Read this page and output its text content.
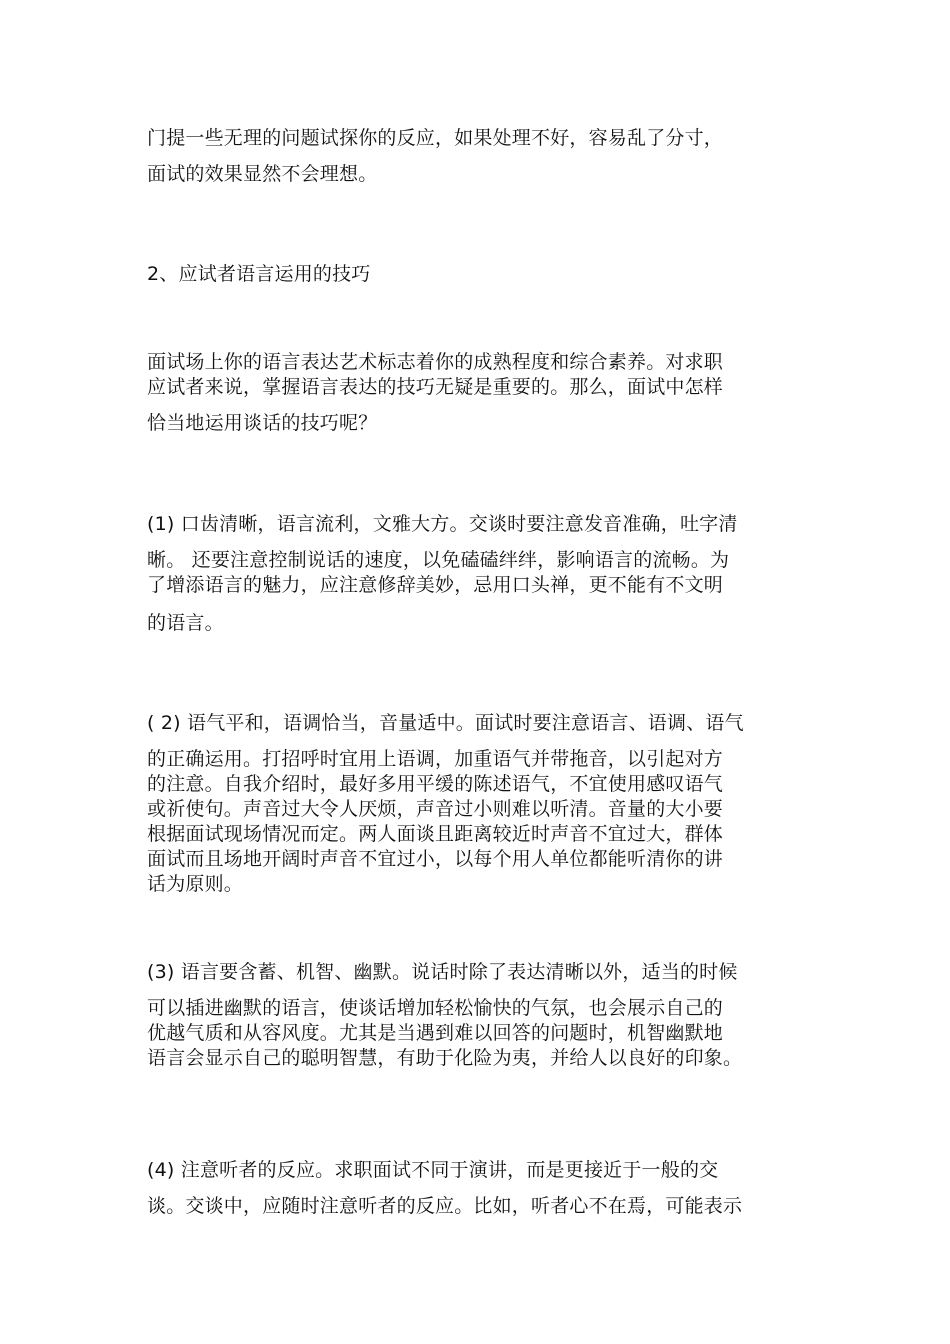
门提一些无理的问题试探你的反应，如果处理不好，容易乱了分寸，
面试的效果显然不会理想。
2、应试者语言运用的技巧
面试场上你的语言表达艺术标志着你的成熟程度和综合素养。对求职
应试者来说，掌握语言表达的技巧无疑是重要的。那么，面试中怎样
恰当地运用谈话的技巧呢？
(1) 口齿清晰，语言流利，文雅大方。交谈时要注意发音准确，吐字清
晰。 还要注意控制说话的速度，以免磕磕绊绊，影响语言的流畅。为
了增添语言的魅力，应注意修辞美妙，忌用口头禅，更不能有不文明
的语言。
( 2) 语气平和，语调恰当，音量适中。面试时要注意语言、语调、语气
的正确运用。打招呼时宜用上语调，加重语气并带拖音，以引起对方
的注意。自我介绍时，最好多用平缓的陈述语气，不宜使用感叹语气
或祈使句。声音过大令人厌烦，声音过小则难以听清。音量的大小要
根据面试现场情况而定。两人面谈且距离较近时声音不宜过大，群体
面试而且场地开阔时声音不宜过小，以每个用人单位都能听清你的讲
话为原则。
(3) 语言要含蓄、机智、幽默。说话时除了表达清晰以外，适当的时候
可以插进幽默的语言，使谈话增加轻松愉快的气氛，也会展示自己的
优越气质和从容风度。尤其是当遇到难以回答的问题时，机智幽默地
语言会显示自己的聪明智慧，有助于化险为夷，并给人以良好的印象。
(4) 注意听者的反应。求职面试不同于演讲，而是更接近于一般的交
谈。交谈中，应随时注意听者的反应。比如，听者心不在焉，可能表示
